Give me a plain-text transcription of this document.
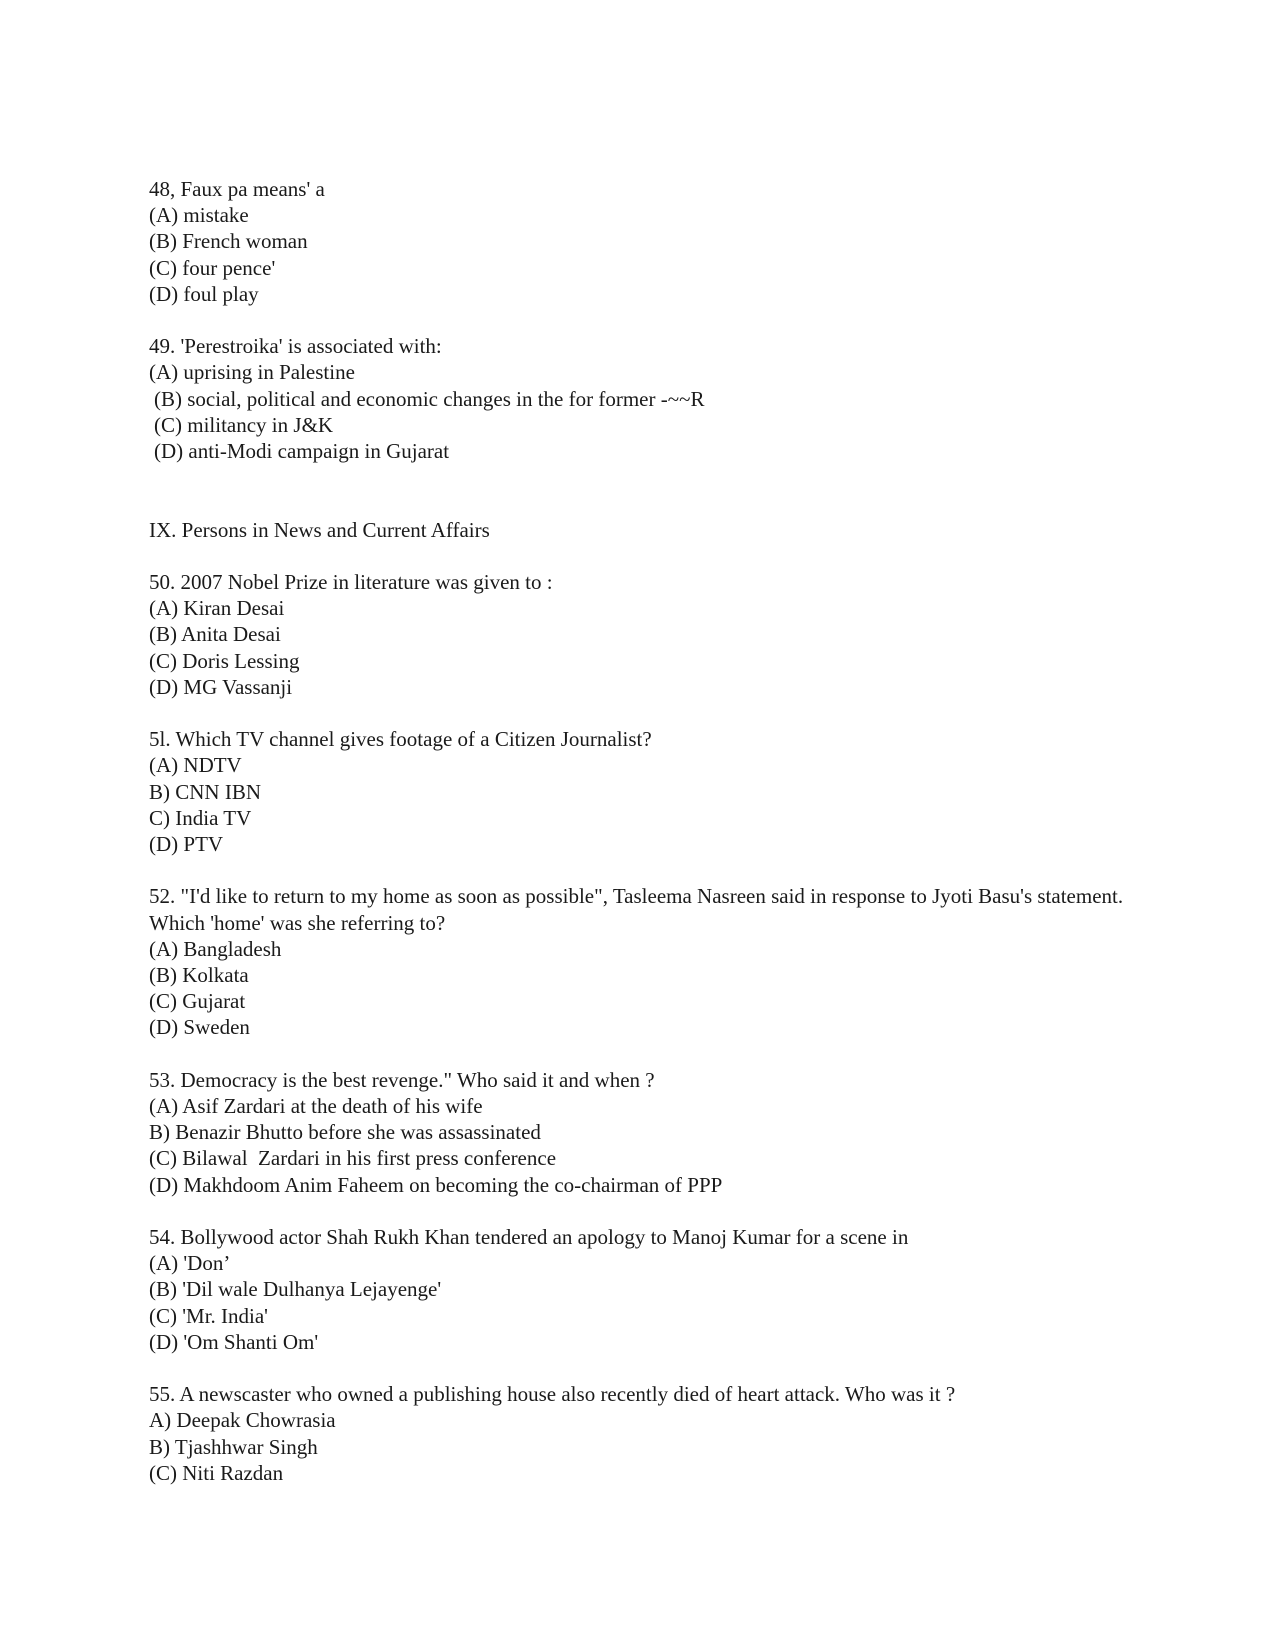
48, Faux pa means' a
(A) mistake
(B) French woman
(C) four pence'
(D) foul play
49. 'Perestroika' is associated with:
(A) uprising in Palestine
(B) social, political and economic changes in the for former -~~R
(C) militancy in J&K
(D) anti-Modi campaign in Gujarat
IX. Persons in News and Current Affairs
50. 2007 Nobel Prize in literature was given to :
(A) Kiran Desai
(B) Anita Desai
(C) Doris Lessing
(D) MG Vassanji
5l. Which TV channel gives footage of a Citizen Journalist?
(A) NDTV
B) CNN IBN
C) India TV
(D) PTV
52. "I'd like to return to my home as soon as possible", Tasleema Nasreen said in response to Jyoti Basu's statement. Which 'home' was she referring to?
(A) Bangladesh
(B) Kolkata
(C) Gujarat
(D) Sweden
53. Democracy is the best revenge." Who said it and when ?
(A) Asif Zardari at the death of his wife
B) Benazir Bhutto before she was assassinated
(C) Bilawal  Zardari in his first press conference
(D) Makhdoom Anim Faheem on becoming the co-chairman of PPP
54. Bollywood actor Shah Rukh Khan tendered an apology to Manoj Kumar for a scene in
(A) 'Don’
(B) 'Dil wale Dulhanya Lejayenge'
(C) 'Mr. India'
(D) 'Om Shanti Om'
55. A newscaster who owned a publishing house also recently died of heart attack. Who was it ?
A) Deepak Chowrasia
B) Tjashhwar Singh
(C) Niti Razdan
